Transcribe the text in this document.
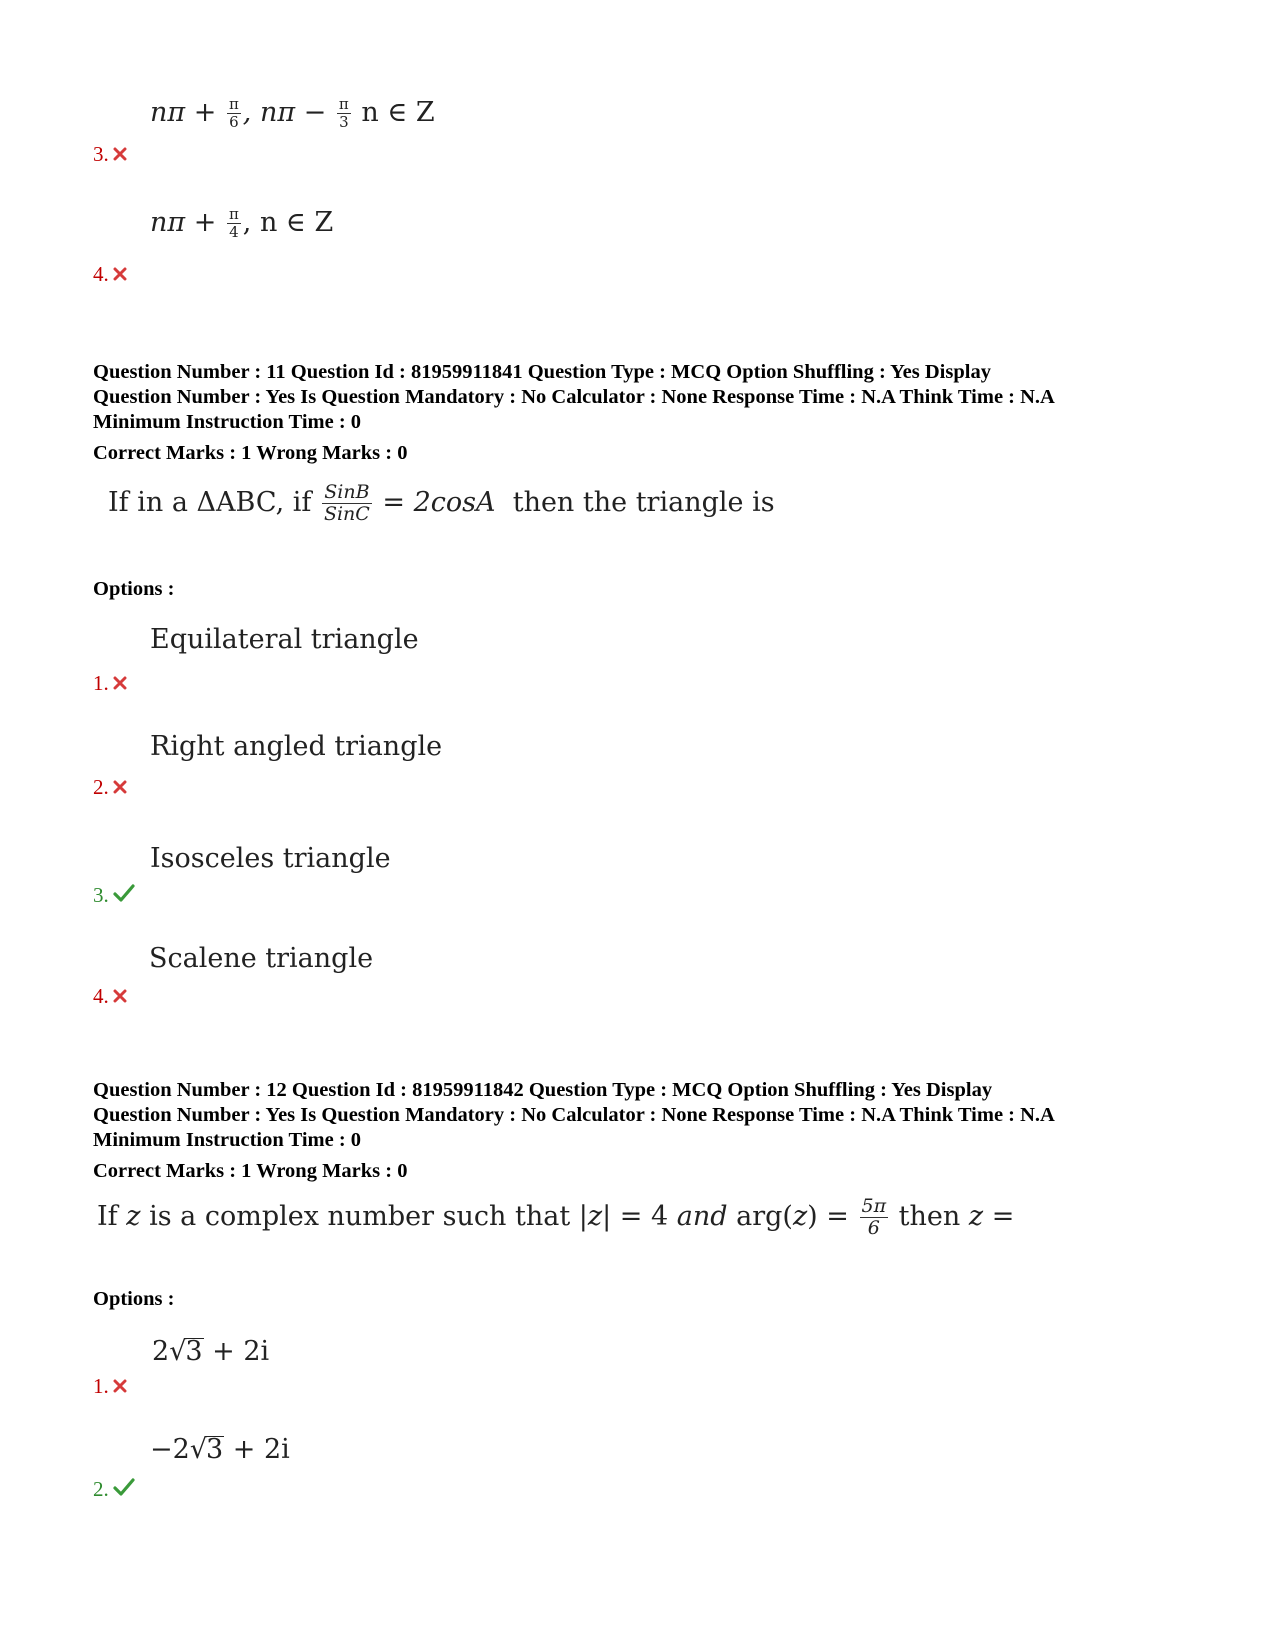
$n\pi + \frac{\pi}{6}$ , $n\pi - \frac{\pi}{3}$ n ∈ Z
3.
$n\pi + \frac{\pi}{4}$ , n ∈ Z
4.
Question Number : 11 Question Id : 81959911841 Question Type : MCQ Option Shuffling : Yes Display
Question Number : Yes Is Question Mandatory : No Calculator : None Response Time : N.A Think Time : N.A
Minimum Instruction Time : 0
Correct Marks : 1 Wrong Marks : 0
If in a ΔABC, if $\frac{\text{SinB}}{\text{SinC}} = 2\cos A$ then the triangle is
Options :
Equilateral triangle
1.
Right angled triangle
2.
Isosceles triangle
3.
Scalene triangle
4.
Question Number : 12 Question Id : 81959911842 Question Type : MCQ Option Shuffling : Yes Display
Question Number : Yes Is Question Mandatory : No Calculator : None Response Time : N.A Think Time : N.A
Minimum Instruction Time : 0
Correct Marks : 1 Wrong Marks : 0
If z is a complex number such that |z| = 4 and $arg(z) = \frac{5\pi}{6}$ then z =
Options :
2√3 + 2i
1.
−2√3 + 2i
2.
